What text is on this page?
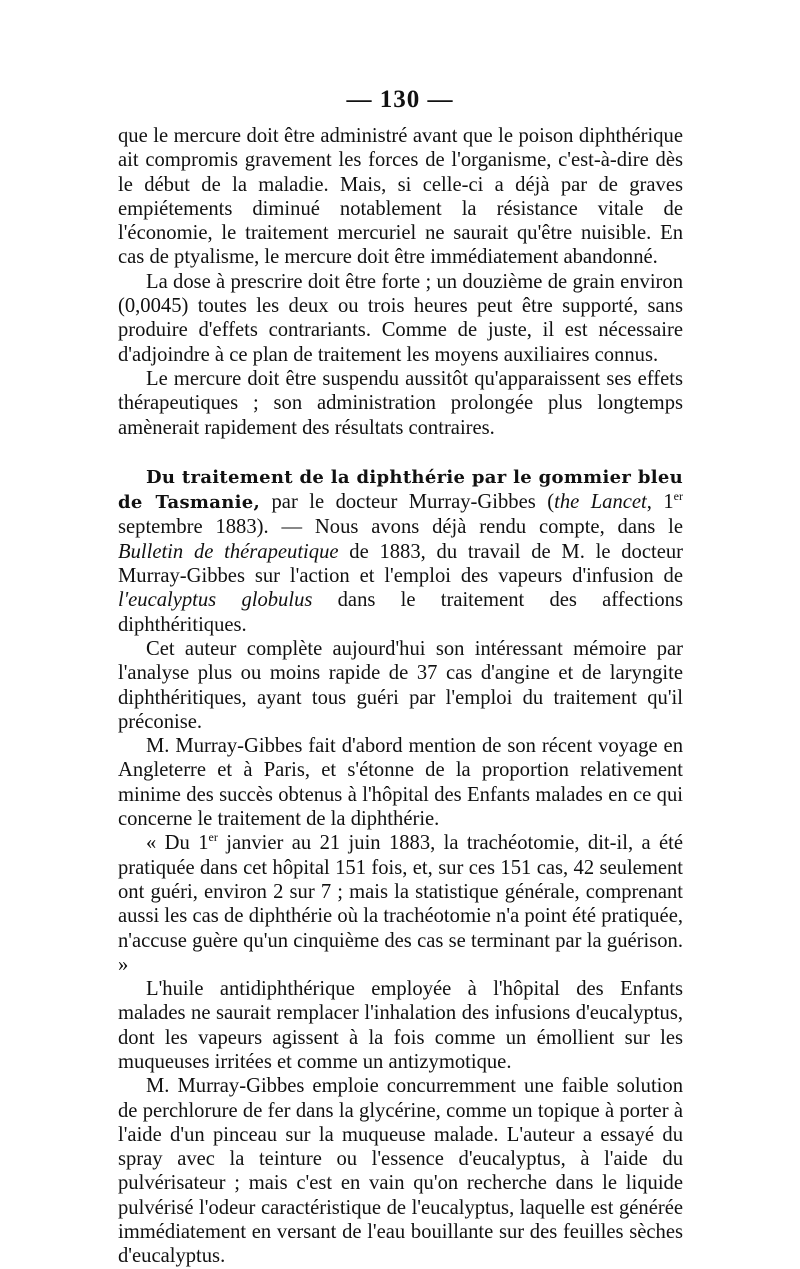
— 130 —

que le mercure doit être administré avant que le poison diphthérique ait compromis gravement les forces de l'organisme, c'est-à-dire dès le début de la maladie. Mais, si celle-ci a déjà par de graves empiétements diminué notablement la résistance vitale de l'économie, le traitement mercuriel ne saurait qu'être nuisible. En cas de ptyalisme, le mercure doit être immédiatement abandonné.

La dose à prescrire doit être forte ; un douzième de grain environ (0,0045) toutes les deux ou trois heures peut être supporté, sans produire d'effets contrariants. Comme de juste, il est nécessaire d'adjoindre à ce plan de traitement les moyens auxiliaires connus.

Le mercure doit être suspendu aussitôt qu'apparaissent ses effets thérapeutiques ; son administration prolongée plus longtemps amènerait rapidement des résultats contraires.

Du traitement de la diphthérie par le gommier bleu de Tasmanie, par le docteur Murray-Gibbes (the Lancet, 1er septembre 1883). — Nous avons déjà rendu compte, dans le Bulletin de thérapeutique de 1883, du travail de M. le docteur Murray-Gibbes sur l'action et l'emploi des vapeurs d'infusion de l'eucalyptus globulus dans le traitement des affections diphthéritiques.

Cet auteur complète aujourd'hui son intéressant mémoire par l'analyse plus ou moins rapide de 37 cas d'angine et de laryngite diphthéritiques, ayant tous guéri par l'emploi du traitement qu'il préconise.

M. Murray-Gibbes fait d'abord mention de son récent voyage en Angleterre et à Paris, et s'étonne de la proportion relativement minime des succès obtenus à l'hôpital des Enfants malades en ce qui concerne le traitement de la diphthérie.

« Du 1er janvier au 21 juin 1883, la trachéotomie, dit-il, a été pratiquée dans cet hôpital 151 fois, et, sur ces 151 cas, 42 seulement ont guéri, environ 2 sur 7 ; mais la statistique générale, comprenant aussi les cas de diphthérie où la trachéotomie n'a point été pratiquée, n'accuse guère qu'un cinquième des cas se terminant par la guérison. »

L'huile antidiphthérique employée à l'hôpital des Enfants malades ne saurait remplacer l'inhalation des infusions d'eucalyptus, dont les vapeurs agissent à la fois comme un émollient sur les muqueuses irritées et comme un antizymotique.

M. Murray-Gibbes emploie concurremment une faible solution de perchlorure de fer dans la glycérine, comme un topique à porter à l'aide d'un pinceau sur la muqueuse malade. L'auteur a essayé du spray avec la teinture ou l'essence d'eucalyptus, à l'aide du pulvérisateur ; mais c'est en vain qu'on recherche dans le liquide pulvérisé l'odeur caractéristique de l'eucalyptus, laquelle est générée immédiatement en versant de l'eau bouillante sur des feuilles sèches d'eucalyptus.
